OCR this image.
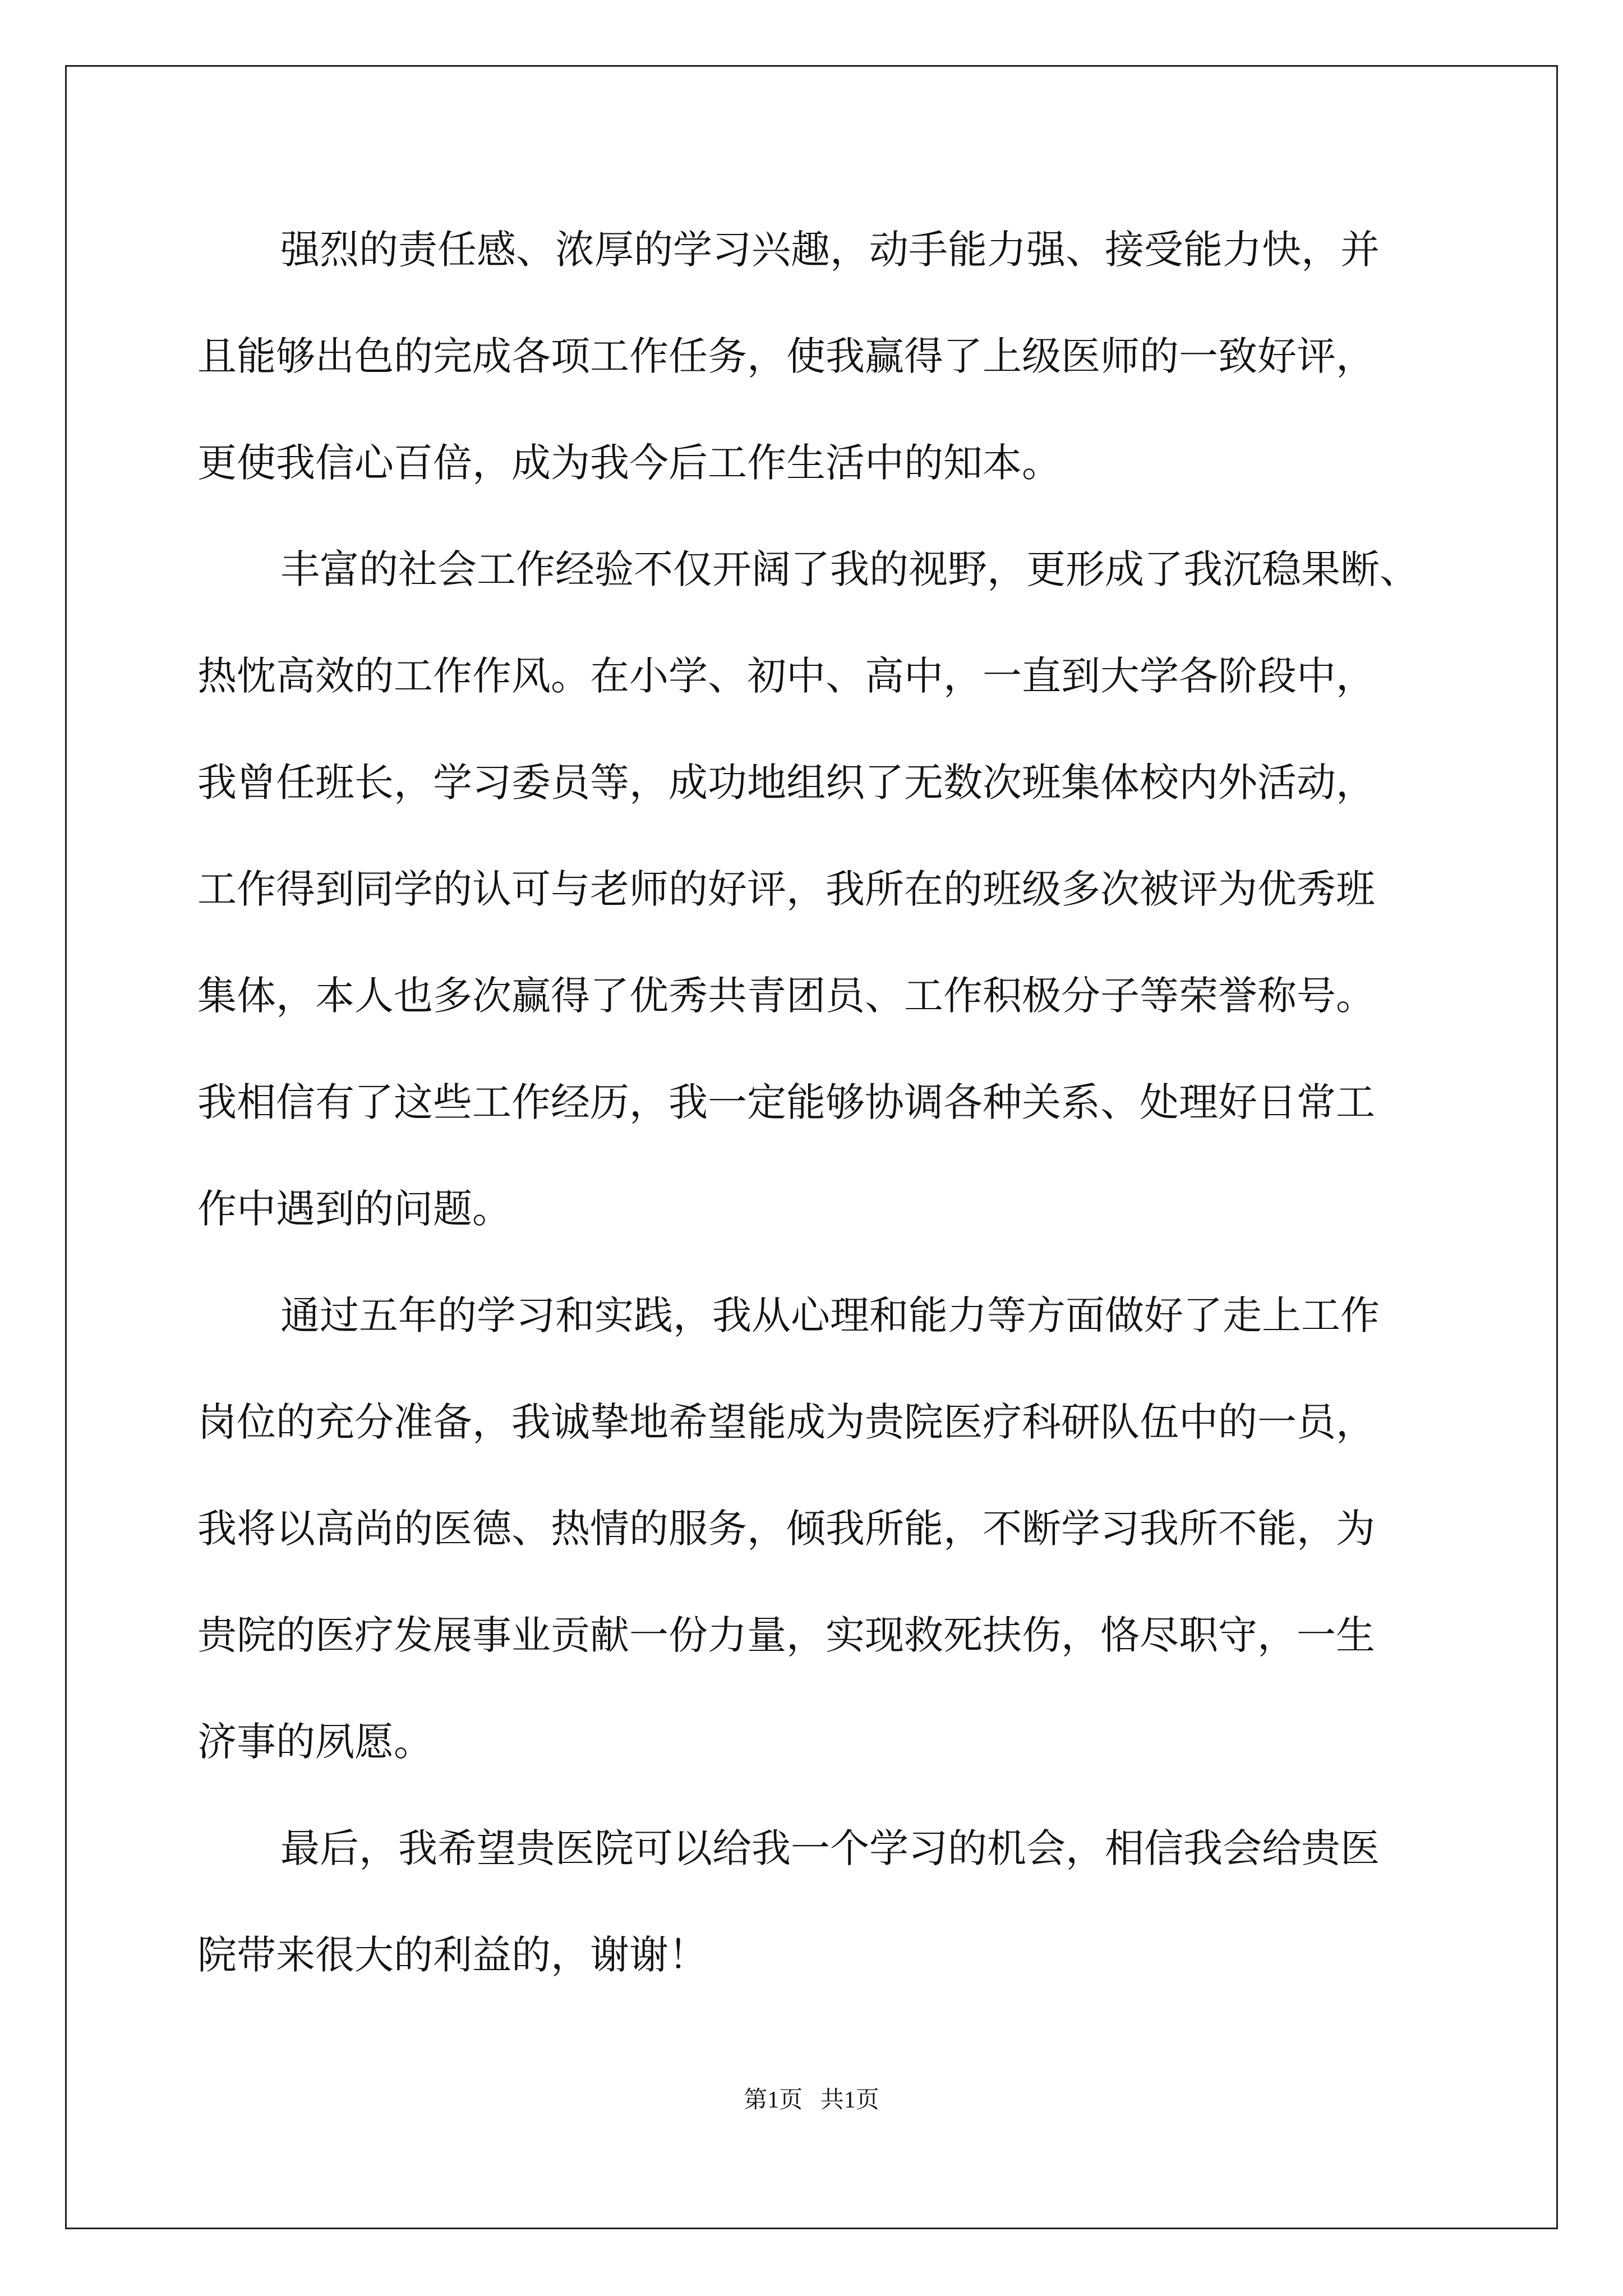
强烈的责任感、浓厚的学习兴趣，动手能力强、接受能力快，并
且能够出色的完成各项工作任务，使我赢得了上级医师的一致好评，
更使我信心百倍，成为我今后工作生活中的知本。
丰富的社会工作经验不仅开阔了我的视野，更形成了我沉稳果断、
热忱高效的工作作风。在小学、初中、高中，一直到大学各阶段中，
我曾任班长，学习委员等，成功地组织了无数次班集体校内外活动，
工作得到同学的认可与老师的好评，我所在的班级多次被评为优秀班
集体，本人也多次赢得了优秀共青团员、工作积极分子等荣誉称号。
我相信有了这些工作经历，我一定能够协调各种关系、处理好日常工
作中遇到的问题。
通过五年的学习和实践，我从心理和能力等方面做好了走上工作
岗位的充分准备，我诚挚地希望能成为贵院医疗科研队伍中的一员，
我将以高尚的医德、热情的服务，倾我所能，不断学习我所不能，为
贵院的医疗发展事业贡献一份力量，实现救死扶伤，恪尽职守，一生
济事的夙愿。
最后，我希望贵医院可以给我一个学习的机会，相信我会给贵医
院带来很大的利益的，谢谢！
第1页   共1页
